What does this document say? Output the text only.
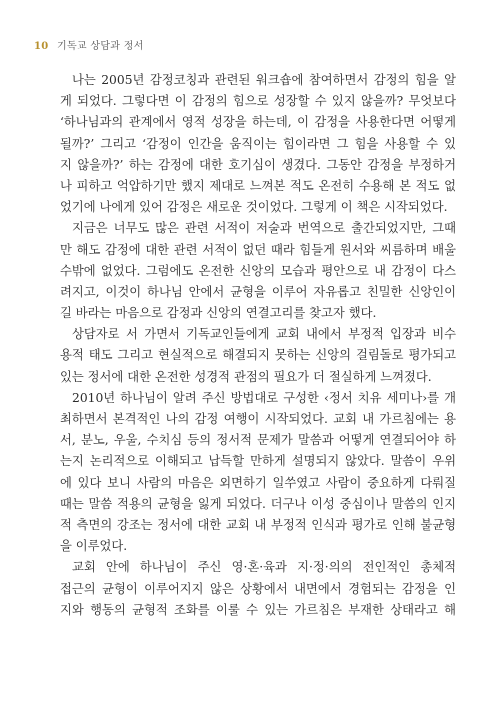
10 기독교 상담과 정서
나는 2005년 감정코칭과 관련된 워크숍에 참여하면서 감정의 힘을 알
게 되었다. 그렇다면 이 감정의 힘으로 성장할 수 있지 않을까? 무엇보다
‘하나님과의 관계에서 영적 성장을 하는데, 이 감정을 사용한다면 어떻게
될까?’ 그리고 ‘감정이 인간을 움직이는 힘이라면 그 힘을 사용할 수 있
지 않을까?’ 하는 감정에 대한 호기심이 생겼다. 그동안 감정을 부정하거
나 피하고 억압하기만 했지 제대로 느껴본 적도 온전히 수용해 본 적도 없
었기에 나에게 있어 감정은 새로운 것이었다. 그렇게 이 책은 시작되었다.
지금은 너무도 많은 관련 서적이 저술과 번역으로 출간되었지만, 그때
만 해도 감정에 대한 관련 서적이 없던 때라 힘들게 원서와 씨름하며 배울
수밖에 없었다. 그럼에도 온전한 신앙의 모습과 평안으로 내 감정이 다스
려지고, 이것이 하나님 안에서 균형을 이루어 자유롭고 친밀한 신앙인이
길 바라는 마음으로 감정과 신앙의 연결고리를 찾고자 했다.
상담자로 서 가면서 기독교인들에게 교회 내에서 부정적 입장과 비수
용적 태도 그리고 현실적으로 해결되지 못하는 신앙의 걸림돌로 평가되고
있는 정서에 대한 온전한 성경적 관점의 필요가 더 절실하게 느껴졌다.
2010년 하나님이 알려 주신 방법대로 구성한 ‹정서 치유 세미나›를 개
최하면서 본격적인 나의 감정 여행이 시작되었다. 교회 내 가르침에는 용
서, 분노, 우울, 수치심 등의 정서적 문제가 말씀과 어떻게 연결되어야 하
는지 논리적으로 이해되고 납득할 만하게 설명되지 않았다. 말씀이 우위
에 있다 보니 사람의 마음은 외면하기 일쑤였고 사람이 중요하게 다뤄질
때는 말씀 적용의 균형을 잃게 되었다. 더구나 이성 중심이나 말씀의 인지
적 측면의 강조는 정서에 대한 교회 내 부정적 인식과 평가로 인해 불균형
을 이루었다.
교회 안에 하나님이 주신 영·혼·육과 지·정·의의 전인적인 총체적
접근의 균형이 이루어지지 않은 상황에서 내면에서 경험되는 감정을 인
지와 행동의 균형적 조화를 이룰 수 있는 가르침은 부재한 상태라고 해
